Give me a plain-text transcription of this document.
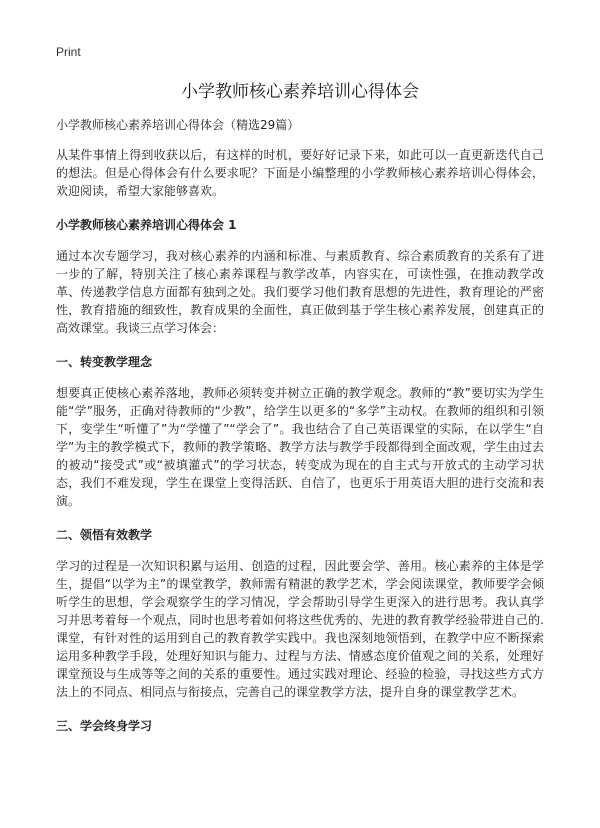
Print
小学教师核心素养培训心得体会

小学教师核心素养培训心得体会（精选29篇）

从某件事情上得到收获以后，有这样的时机，要好好记录下来，如此可以一直更新迭代自己的想法。但是心得体会有什么要求呢？下面是小编整理的小学教师核心素养培训心得体会，欢迎阅读，希望大家能够喜欢。

小学教师核心素养培训心得体会 1

通过本次专题学习，我对核心素养的内涵和标准、与素质教育、综合素质教育的关系有了进一步的了解，特别关注了核心素养课程与教学改革，内容实在，可读性强，在推动教学改革、传递教学信息方面都有独到之处。我们要学习他们教育思想的先进性，教育理论的严密性，教育措施的细致性，教育成果的全面性，真正做到基于学生核心素养发展，创建真正的高效课堂。我谈三点学习体会：

一、转变教学理念

想要真正使核心素养落地，教师必须转变并树立正确的教学观念。教师的“教”要切实为学生能“学”服务，正确对待教师的“少教”，给学生以更多的“多学”主动权。在教师的组织和引领下，变学生“听懂了”为“学懂了”“学会了”。我也结合了自己英语课堂的实际，在以学生“自学”为主的教学模式下，教师的教学策略、教学方法与教学手段都得到全面改观，学生由过去的被动“接受式”或“被填灌式”的学习状态，转变成为现在的自主式与开放式的主动学习状态，我们不难发现，学生在课堂上变得活跃、自信了，也更乐于用英语大胆的进行交流和表演。

二、领悟有效教学

学习的过程是一次知识积累与运用、创造的过程，因此要会学、善用。核心素养的主体是学生，提倡“以学为主”的课堂教学，教师需有精湛的教学艺术，学会阅读课堂，教师要学会倾听学生的思想，学会观察学生的学习情况，学会帮助引导学生更深入的进行思考。我认真学习并思考着每一个观点，同时也思考着如何将这些优秀的、先进的教育教学经验带进自己的.课堂，有针对性的运用到自己的教育教学实践中。我也深刻地领悟到，在教学中应不断探索运用多种教学手段，处理好知识与能力、过程与方法、情感态度价值观之间的关系，处理好课堂预设与生成等等之间的关系的重要性。通过实践对理论、经验的检验，寻找这些方式方法上的不同点、相同点与衔接点，完善自己的课堂教学方法，提升自身的课堂教学艺术。

三、学会终身学习
